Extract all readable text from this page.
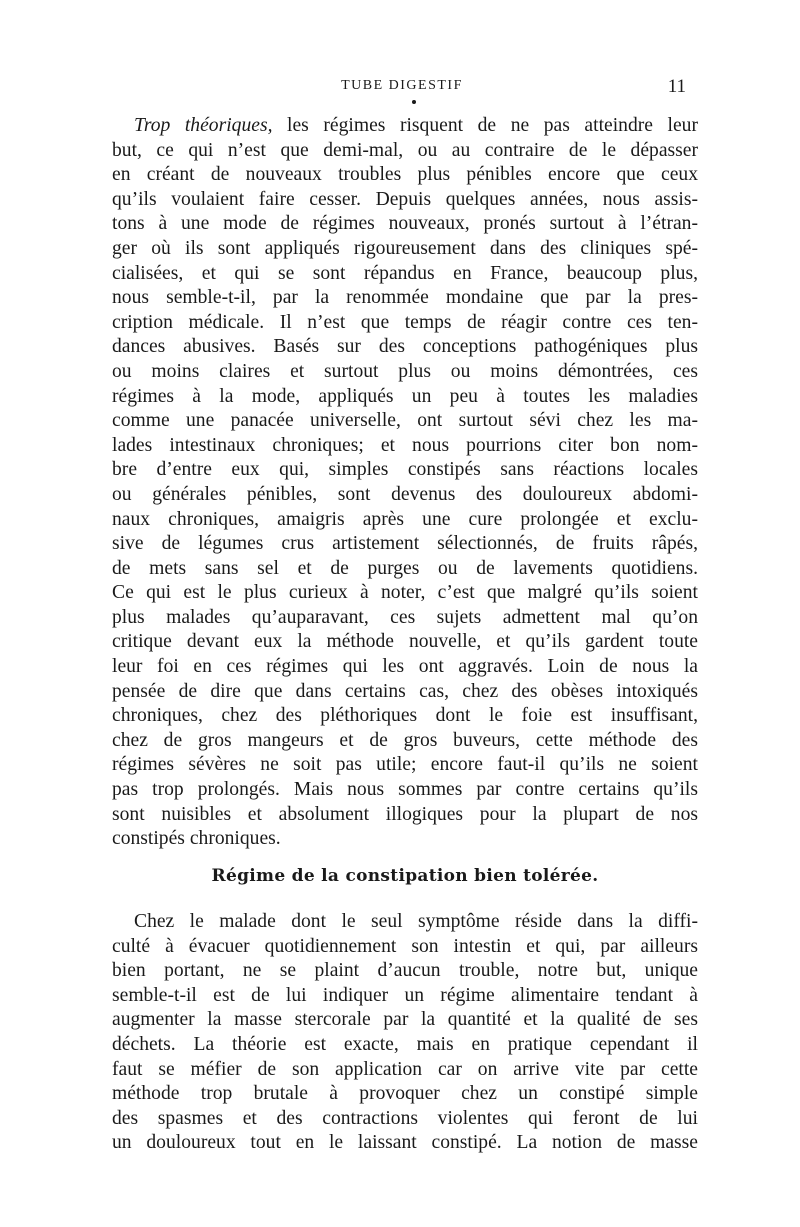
TUBE DIGESTIF	11
Trop théoriques, les régimes risquent de ne pas atteindre leur
but, ce qui n’est que demi-mal, ou au contraire de le dépasser
en créant de nouveaux troubles plus pénibles encore que ceux
qu’ils voulaient faire cesser. Depuis quelques années, nous assis-
tons à une mode de régimes nouveaux, pronés surtout à l’étran-
ger où ils sont appliqués rigoureusement dans des cliniques spé-
cialisées, et qui se sont répandus en France, beaucoup plus,
nous semble-t-il, par la renommée mondaine que par la pres-
cription médicale. Il n’est que temps de réagir contre ces ten-
dances abusives. Basés sur des conceptions pathogéniques plus
ou moins claires et surtout plus ou moins démontrées, ces
régimes à la mode, appliqués un peu à toutes les maladies
comme une panacée universelle, ont surtout sévi chez les ma-
lades intestinaux chroniques; et nous pourrions citer bon nom-
bre d’entre eux qui, simples constipés sans réactions locales
ou générales pénibles, sont devenus des douloureux abdomi-
naux chroniques, amaigris après une cure prolongée et exclu-
sive de légumes crus artistement sélectionnés, de fruits râpés,
de mets sans sel et de purges ou de lavements quotidiens.
Ce qui est le plus curieux à noter, c’est que malgré qu’ils soient
plus malades qu’auparavant, ces sujets admettent mal qu’on
critique devant eux la méthode nouvelle, et qu’ils gardent toute
leur foi en ces régimes qui les ont aggravés. Loin de nous la
pensée de dire que dans certains cas, chez des obèses intoxiqués
chroniques, chez des pléthoriques dont le foie est insuffisant,
chez de gros mangeurs et de gros buveurs, cette méthode des
régimes sévères ne soit pas utile; encore faut-il qu’ils ne soient
pas trop prolongés. Mais nous sommes par contre certains qu’ils
sont nuisibles et absolument illogiques pour la plupart de nos
constipés chroniques.
Régime de la constipation bien tolérée.
Chez le malade dont le seul symptôme réside dans la diffi-
culté à évacuer quotidiennement son intestin et qui, par ailleurs
bien portant, ne se plaint d’aucun trouble, notre but, unique
semble-t-il est de lui indiquer un régime alimentaire tendant à
augmenter la masse stercorale par la quantité et la qualité de ses
déchets. La théorie est exacte, mais en pratique cependant il
faut se méfier de son application car on arrive vite par cette
méthode trop brutale à provoquer chez un constipé simple
des spasmes et des contractions violentes qui feront de lui
un douloureux tout en le laissant constipé. La notion de masse
